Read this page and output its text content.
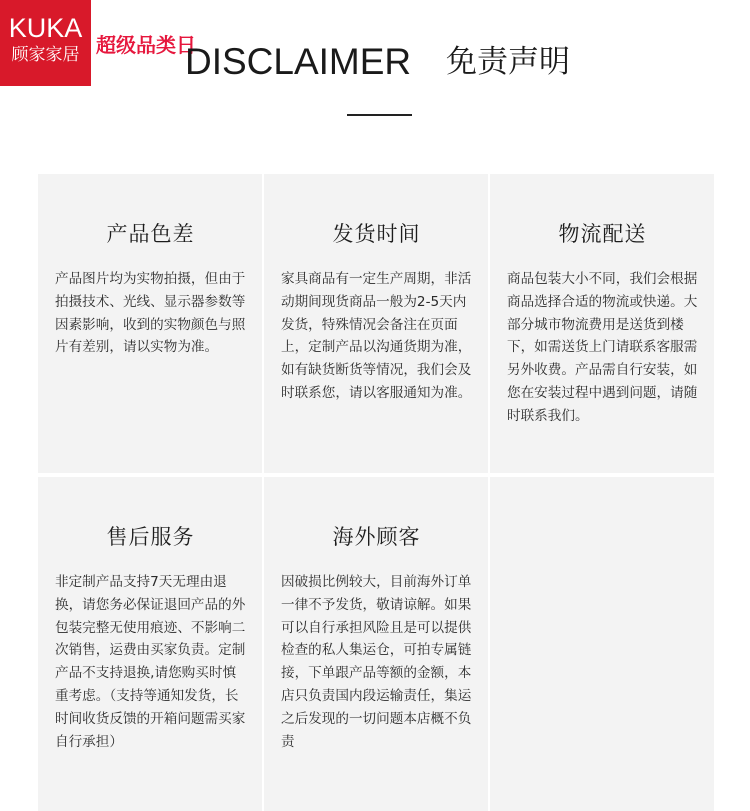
KUKA
顾家家居 超级品类日
DISCLAIMER 免责声明
产品色差
产品图片均为实物拍摄，但由于拍摄技术、光线、显示器参数等因素影响，收到的实物颜色与照片有差别，请以实物为准。
发货时间
家具商品有一定生产周期，非活动期间现货商品一般为2-5天内发货，特殊情况会备注在页面上，定制产品以沟通货期为准，如有缺货断货等情况，我们会及时联系您，请以客服通知为准。
物流配送
商品包装大小不同，我们会根据商品选择合适的物流或快递。大部分城市物流费用是送货到楼下，如需送货上门请联系客服需另外收费。产品需自行安装，如您在安装过程中遇到问题，请随时联系我们。
售后服务
非定制产品支持7天无理由退换，请您务必保证退回产品的外包装完整无使用痕迹、不影响二次销售，运费由买家负责。定制产品不支持退换,请您购买时慎重考虑。（支持等通知发货，长时间收货反馈的开箱问题需买家自行承担）
海外顾客
因破损比例较大，目前海外订单一律不予发货，敬请谅解。如果可以自行承担风险且是可以提供检查的私人集运仓，可拍专属链接，下单跟产品等额的金额，本店只负责国内段运输责任，集运之后发现的一切问题本店概不负责
